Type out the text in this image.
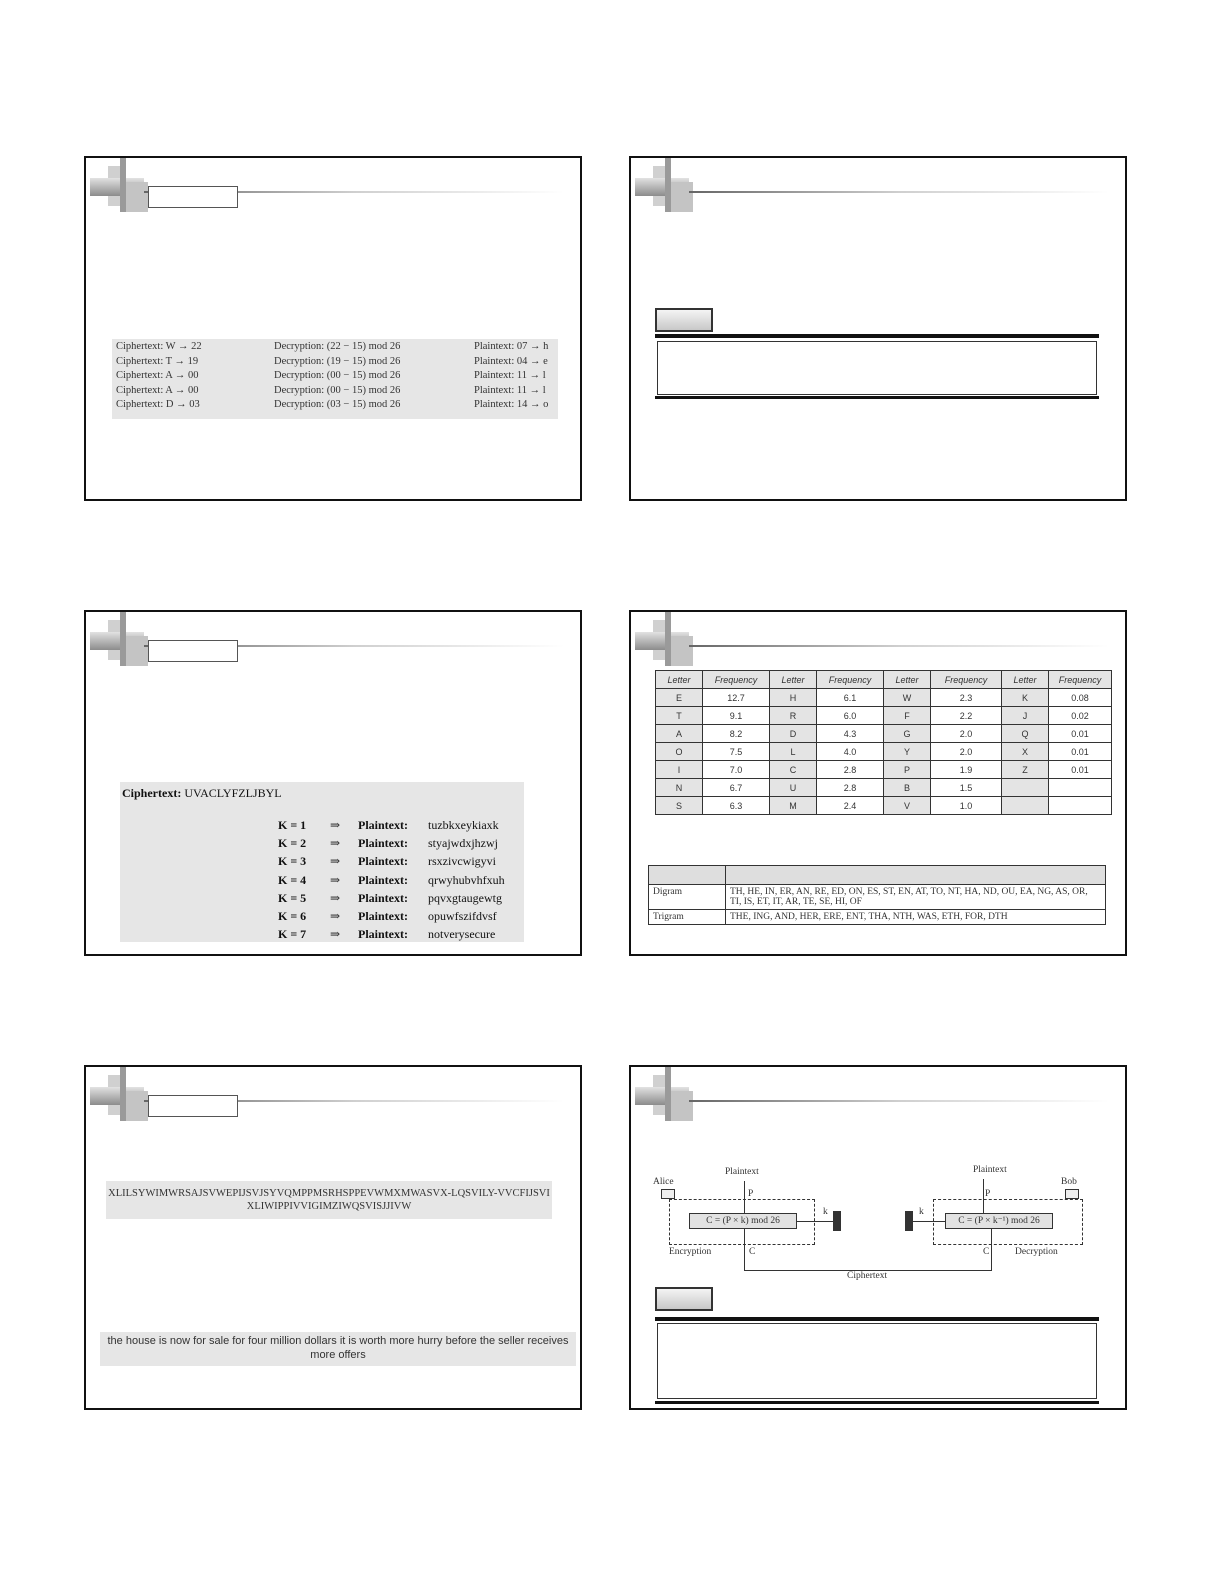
Ciphertext: W → 22	Decryption: (22 − 15) mod 26	Plaintext: 07 → h
Ciphertext: T → 19	Decryption: (19 − 15) mod 26	Plaintext: 04 → e
Ciphertext: A → 00	Decryption: (00 − 15) mod 26	Plaintext: 11 → l
Ciphertext: A → 00	Decryption: (00 − 15) mod 26	Plaintext: 11 → l
Ciphertext: D → 03	Decryption: (03 − 15) mod 26	Plaintext: 14 → o
Ciphertext: UVACLYFZLJBYL
K = 1 ⇒ Plaintext: tuzbkxeykiaxk
K = 2 ⇒ Plaintext: styajwdxjhzwj
K = 3 ⇒ Plaintext: rsxzivcwigyvi
K = 4 ⇒ Plaintext: qrwyhubvhfxuh
K = 5 ⇒ Plaintext: pqvxgtaugewtg
K = 6 ⇒ Plaintext: opuwfszifdvsf
K = 7 ⇒ Plaintext: notverysecure
Letter	Frequency	Letter	Frequency	Letter	Frequency	Letter	Frequency
E	12.7	H	6.1	W	2.3	K	0.08
T	9.1	R	6.0	F	2.2	J	0.02
A	8.2	D	4.3	G	2.0	Q	0.01
O	7.5	L	4.0	Y	2.0	X	0.01
I	7.0	C	2.8	P	1.9	Z	0.01
N	6.7	U	2.8	B	1.5		
S	6.3	M	2.4	V	1.0		

Digram	TH, HE, IN, ER, AN, RE, ED, ON, ES, ST, EN, AT, TO, NT, HA, ND, OU, EA, NG, AS, OR, TI, IS, ET, IT, AR, TE, SE, HI, OF
Trigram	THE, ING, AND, HER, ERE, ENT, THA, NTH, WAS, ETH, FOR, DTH
XLILSYWIMWRSAJSVWEPIJSVJSYVQMPPMSRHSPPEVWMXMWASVX-LQSVILY-VVCFIJSVIXLIWIPPIVVIGIMZIWQSVISJJIVW
the house is now for sale for four million dollars it is worth more hurry before the seller receives more offers
Plaintext	Plaintext
Alice	Bob
P	P
C = (P × k) mod 26	C = (P × k⁻¹) mod 26
k	k
Encryption	Decryption
C	C
Ciphertext
